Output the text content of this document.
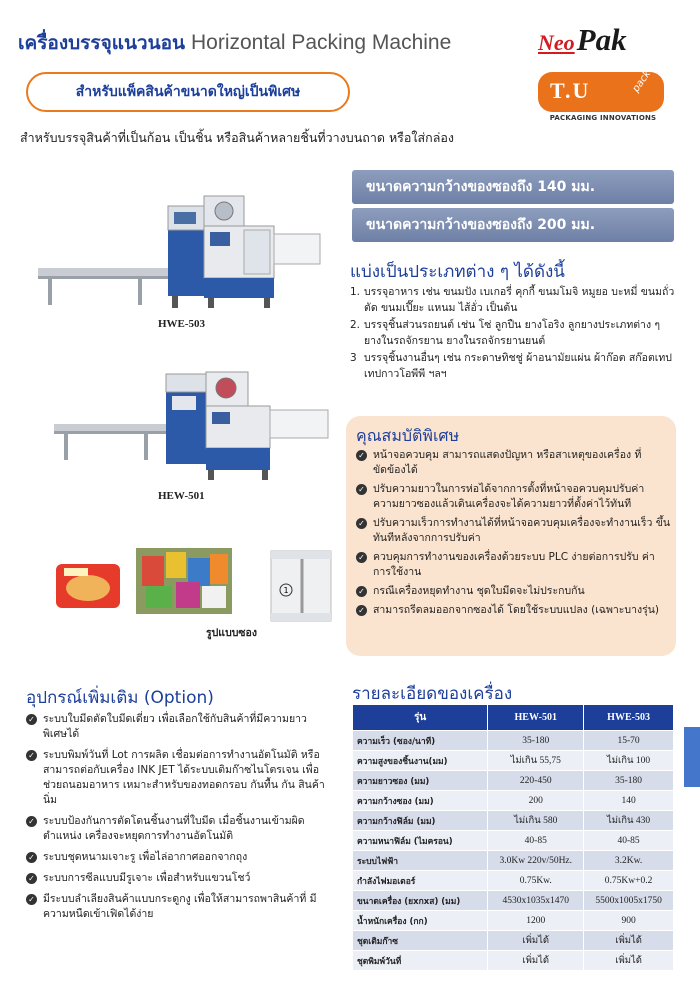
เครื่องบรรจุแนวนอน Horizontal Packing Machine	Neo Pak
สำหรับแพ็คสินค้าขนาดใหญ่เป็นพิเศษ	T.U	pack
PACKAGING INNOVATIONS
สำหรับบรรจุสินค้าที่เป็นก้อน เป็นชิ้น หรือสินค้าหลายชิ้นที่วางบนถาด หรือใส่กล่อง
ขนาดความกว้างของซองถึง 140 มม.
ขนาดความกว้างของซองถึง 200 มม.
แบ่งเป็นประเภทต่าง ๆ ได้ดังนี้
1. บรรจุอาหาร เช่น ขนมปัง เบเกอรี่ คุกกี้ ขนมโมจิ หมูยอ บะหมี่ ขนมถั่วตัด ขนมเปี๊ยะ แหนม ไส้อั่ว เป็นต้น
2. บรรจุชิ้นส่วนรถยนต์ เช่น โซ่ ลูกปืน ยางโอริง ลูกยางประเภทต่าง ๆ ยางในรถจักรยาน ยางในรถจักรยานยนต์
3 บรรจุชิ้นงานอื่นๆ เช่น กระดาษทิชชู่ ผ้าอนามัยแผ่น ผ้าก๊อต สก๊อตเทป เทปกาวโอพีพี ฯลฯ
HWE-503
HEW-501
1
รูปแบบซอง
คุณสมบัติพิเศษ
✓ หน้าจอควบคุม สามารถแสดงปัญหา หรือสาเหตุของเครื่อง ที่ขัดข้องได้
✓ ปรับความยาวในการห่อได้จากการตั้งที่หน้าจอควบคุมปรับค่า ความยาวซองแล้วเดินเครื่องจะได้ความยาวที่ตั้งค่าไว้ทันที
✓ ปรับความเร็วการทำงานได้ที่หน้าจอควบคุมเครื่องจะทำงานเร็ว ขึ้นทันทีหลังจากการปรับค่า
✓ ควบคุมการทำงานของเครื่องด้วยระบบ PLC ง่ายต่อการปรับ ค่าการใช้งาน
✓ กรณีเครื่องหยุดทำงาน ชุดใบมีดจะไม่ประกบกัน
✓ สามารถรีดลมออกจากซองได้ โดยใช้ระบบแปลง (เฉพาะบางรุ่น)
อุปกรณ์เพิ่มเติม (Option)
✓ ระบบใบมีดตัดใบมีดเดี่ยว เพื่อเลือกใช้กับสินค้าที่มีความยาว พิเศษได้
✓ ระบบพิมพ์วันที่ Lot การผลิต เชื่อมต่อการทำงานอัตโนมัติ หรือสามารถต่อกับเครื่อง INK JET ได้ระบบเติมก๊าซไนโตรเจน เพื่อช่วยถนอมอาหาร เหมาะสำหรับของทอดกรอบ กันทื้น กัน สินค้านิ่ม
✓ ระบบป้องกันการตัดโดนชิ้นงานที่ใบมีด เมื่อชิ้นงานเข้ามผิด ตำแหน่ง เครื่องจะหยุดการทำงานอัตโนมัติ
✓ ระบบชุดหนามเจาะรู เพื่อไล่อากาศออกจากถุง
✓ ระบบการซีลแบบมีรูเจาะ เพื่อสำหรับแขวนโชว์
✓ มีระบบลำเลียงสินค้าแบบกระดูกงู เพื่อให้สามารถพาสินค้าที่ มีความหนืดเข้าเฟิดได้ง่าย
รายละเอียดของเครื่อง
รุ่น	HEW-501	HWE-503
ความเร็ว (ซอง/นาที)	35-180	15-70
ความสูงของชิ้นงาน(มม)	ไม่เกิน 55,75	ไม่เกิน 100
ความยาวซอง (มม)	220-450	35-180
ความกว้างซอง (มม)	200	140
ความกว้างฟิล์ม (มม)	ไม่เกิน 580	ไม่เกิน 430
ความหนาฟิล์ม (ไมครอน)	40-85	40-85
ระบบไฟฟ้า	3.0Kw 220v/50Hz.	3.2Kw.
กำลังไฟมอเตอร์	0.75Kw.	0.75Kw+0.2
ขนาดเครื่อง (ยxกxส) (มม)	4530x1035x1470	5500x1005x1750
น้ำหนักเครื่อง (กก)	1200	900
ชุดเติมก๊าซ	เพิ่มได้	เพิ่มได้
ชุดพิมพ์วันที่	เพิ่มได้	เพิ่มได้
